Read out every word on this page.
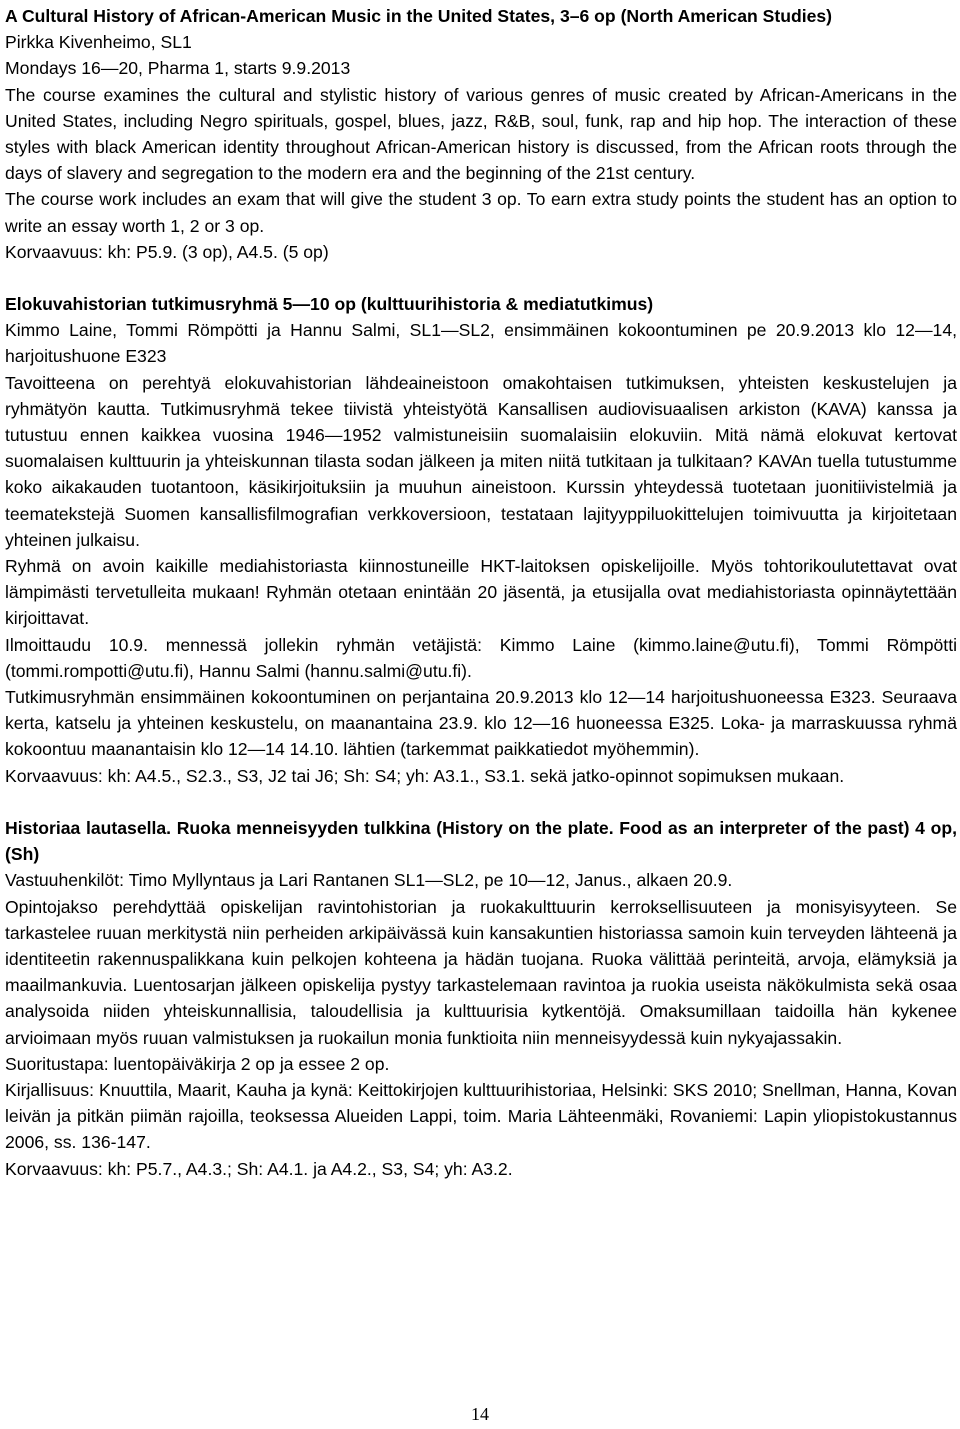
A Cultural History of African-American Music in the United States, 3–6 op (North American Studies)

Pirkka Kivenheimo, SL1

Mondays 16—20, Pharma 1, starts 9.9.2013

The course examines the cultural and stylistic history of various genres of music created by African-Americans in the United States, including Negro spirituals, gospel, blues, jazz, R&B, soul, funk, rap and hip hop. The interaction of these styles with black American identity throughout African-American history is discussed, from the African roots through the days of slavery and segregation to the modern era and the beginning of the 21st century.

The course work includes an exam that will give the student 3 op. To earn extra study points the student has an option to write an essay worth 1, 2 or 3 op.

Korvaavuus: kh: P5.9. (3 op), A4.5. (5 op)

Elokuvahistorian tutkimusryhmä 5—10 op (kulttuurihistoria & mediatutkimus)

Kimmo Laine, Tommi Römpötti ja Hannu Salmi, SL1—SL2, ensimmäinen kokoontuminen pe 20.9.2013 klo 12—14, harjoitushuone E323

Tavoitteena on perehtyä elokuvahistorian lähdeaineistoon omakohtaisen tutkimuksen, yhteisten keskustelujen ja ryhmätyön kautta. Tutkimusryhmä tekee tiivistä yhteistyötä Kansallisen audiovisuaalisen arkiston (KAVA) kanssa ja tutustuu ennen kaikkea vuosina 1946—1952 valmistuneisiin suomalaisiin elokuviin. Mitä nämä elokuvat kertovat suomalaisen kulttuurin ja yhteiskunnan tilasta sodan jälkeen ja miten niitä tutkitaan ja tulkitaan? KAVAn tuella tutustumme koko aikakauden tuotantoon, käsikirjoituksiin ja muuhun aineistoon. Kurssin yhteydessä tuotetaan juonitiivistelmiä ja teematekstejä Suomen kansallisfilmografian verkkoversioon, testataan lajityyppiluokittelujen toimivuutta ja kirjoitetaan yhteinen julkaisu.

Ryhmä on avoin kaikille mediahistoriasta kiinnostuneille HKT-laitoksen opiskelijoille. Myös tohtorikoulutettavat ovat lämpimästi tervetulleita mukaan! Ryhmän otetaan enintään 20 jäsentä, ja etusijalla ovat mediahistoriasta opinnäytettään kirjoittavat.

Ilmoittaudu 10.9. mennessä jollekin ryhmän vetäjistä: Kimmo Laine (kimmo.laine@utu.fi), Tommi Römpötti (tommi.rompotti@utu.fi), Hannu Salmi (hannu.salmi@utu.fi).

Tutkimusryhmän ensimmäinen kokoontuminen on perjantaina 20.9.2013 klo 12—14 harjoitushuoneessa E323. Seuraava kerta, katselu ja yhteinen keskustelu, on maanantaina 23.9. klo 12—16 huoneessa E325. Loka- ja marraskuussa ryhmä kokoontuu maanantaisin klo 12—14 14.10. lähtien (tarkemmat paikkatiedot myöhemmin).

Korvaavuus: kh: A4.5., S2.3., S3, J2 tai J6; Sh: S4; yh: A3.1., S3.1. sekä jatko-opinnot sopimuksen mukaan.

Historiaa lautasella. Ruoka menneisyyden tulkkina (History on the plate. Food as an interpreter of the past) 4 op, (Sh)

Vastuuhenkilöt: Timo Myllyntaus ja Lari Rantanen SL1—SL2, pe 10—12, Janus., alkaen 20.9.

Opintojakso perehdyttää opiskelijan ravintohistorian ja ruokakulttuurin kerroksellisuuteen ja monisyisyyteen. Se tarkastelee ruuan merkitystä niin perheiden arkipäivässä kuin kansakuntien historiassa samoin kuin terveyden lähteenä ja identiteetin rakennuspalikkana kuin pelkojen kohteena ja hädän tuojana. Ruoka välittää perinteitä, arvoja, elämyksiä ja maailmankuvia. Luentosarjan jälkeen opiskelija pystyy tarkastelemaan ravintoa ja ruokia useista näkökulmista sekä osaa analysoida niiden yhteiskunnallisia, taloudellisia ja kulttuurisia kytkentöjä. Omaksumillaan taidoilla hän kykenee arvioimaan myös ruuan valmistuksen ja ruokailun monia funktioita niin menneisyydessä kuin nykyajassakin.

Suoritustapa: luentopäiväkirja 2 op ja essee 2 op.

Kirjallisuus: Knuuttila, Maarit, Kauha ja kynä: Keittokirjojen kulttuurihistoriaa, Helsinki: SKS 2010; Snellman, Hanna, Kovan leivän ja pitkän piimän rajoilla, teoksessa Alueiden Lappi, toim. Maria Lähteenmäki, Rovaniemi: Lapin yliopistokustannus 2006, ss. 136-147.

Korvaavuus: kh: P5.7., A4.3.; Sh: A4.1. ja A4.2., S3, S4; yh: A3.2.

14
